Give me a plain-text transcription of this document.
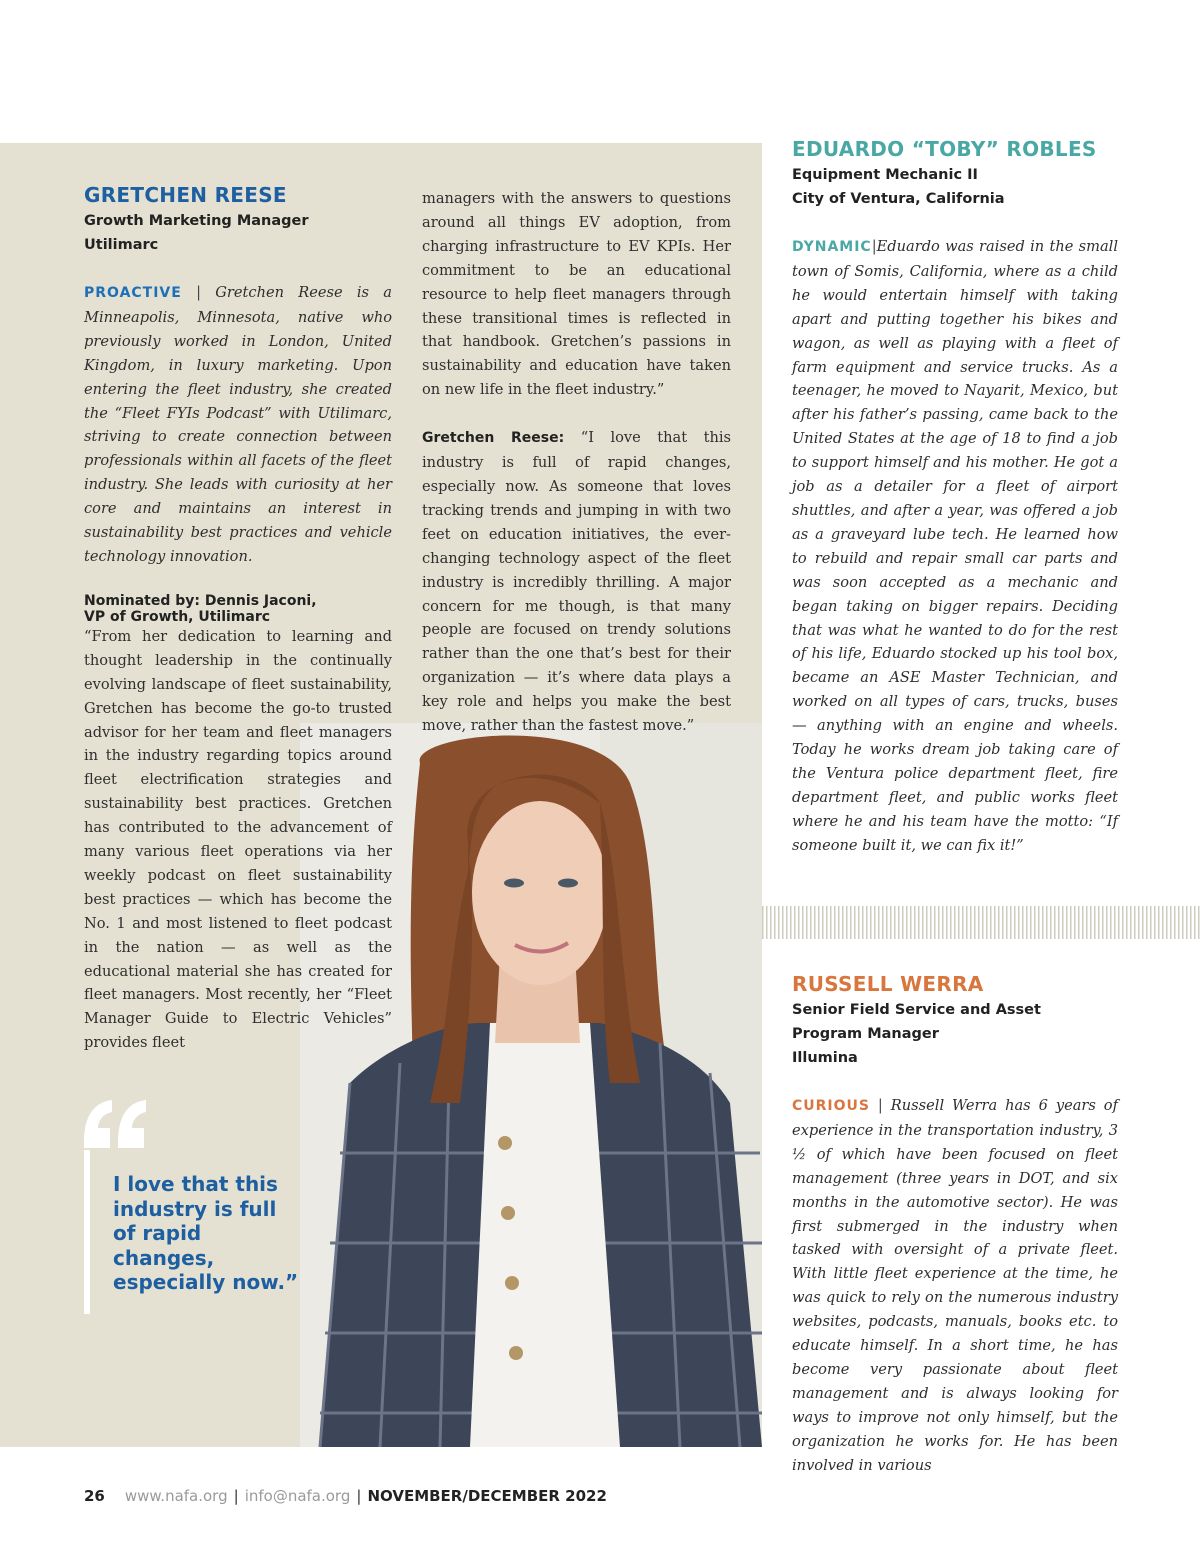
GRETCHEN REESE
Growth Marketing Manager
Utilimarc

PROACTIVE | Gretchen Reese is a Minneapolis, Minnesota, native who previously worked in London, United Kingdom, in luxury marketing. Upon entering the fleet industry, she created the “Fleet FYIs Podcast” with Utilimarc, striving to create connection between professionals within all facets of the fleet industry. She leads with curiosity at her core and maintains an interest in sustainability best practices and vehicle technology innovation.

Nominated by: Dennis Jaconi,
VP of Growth, Utilimarc

“From her dedication to learning and thought leadership in the continually evolving landscape of fleet sustainability, Gretchen has become the go-to trusted advisor for her team and fleet managers in the industry regarding topics around fleet electrification strategies and sustainability best practices. Gretchen has contributed to the advancement of many various fleet operations via her weekly podcast on fleet sustainability best practices — which has become the No. 1 and most listened to fleet podcast in the nation — as well as the educational material she has created for fleet managers. Most recently, her “Fleet Manager Guide to Electric Vehicles” provides fleet

managers with the answers to questions around all things EV adoption, from charging infrastructure to EV KPIs. Her commitment to be an educational resource to help fleet managers through these transitional times is reflected in that handbook. Gretchen’s passions in sustainability and education have taken on new life in the fleet industry.”

Gretchen Reese: “I love that this industry is full of rapid changes, especially now. As someone that loves tracking trends and jumping in with two feet on education initiatives, the ever-changing technology aspect of the fleet industry is incredibly thrilling. A major concern for me though, is that many people are focused on trendy solutions rather than the one that’s best for their organization — it’s where data plays a key role and helps you make the best move, rather than the fastest move.”

I love that this industry is full of rapid changes, especially now.”
EDUARDO “TOBY” ROBLES
Equipment Mechanic II
City of Ventura, California

DYNAMIC|Eduardo was raised in the small town of Somis, California, where as a child he would entertain himself with taking apart and putting together his bikes and wagon, as well as playing with a fleet of farm equipment and service trucks. As a teenager, he moved to Nayarit, Mexico, but after his father’s passing, came back to the United States at the age of 18 to find a job to support himself and his mother. He got a job as a detailer for a fleet of airport shuttles, and after a year, was offered a job as a graveyard lube tech. He learned how to rebuild and repair small car parts and was soon accepted as a mechanic and began taking on bigger repairs. Deciding that was what he wanted to do for the rest of his life, Eduardo stocked up his tool box, became an ASE Master Technician, and worked on all types of cars, trucks, buses — anything with an engine and wheels. Today he works dream job taking care of the Ventura police department fleet, fire department fleet, and public works fleet where he and his team have the motto: “If someone built it, we can fix it!”

RUSSELL WERRA
Senior Field Service and Asset
Program Manager
Illumina

CURIOUS | Russell Werra has 6 years of experience in the transportation industry, 3 ½ of which have been focused on fleet management (three years in DOT, and six months in the automotive sector). He was first submerged in the industry when tasked with oversight of a private fleet. With little fleet experience at the time, he was quick to rely on the numerous industry websites, podcasts, manuals, books etc. to educate himself. In a short time, he has become very passionate about fleet management and is always looking for ways to improve not only himself, but the organization he works for. He has been involved in various

26 www.nafa.org | info@nafa.org | NOVEMBER/DECEMBER 2022
